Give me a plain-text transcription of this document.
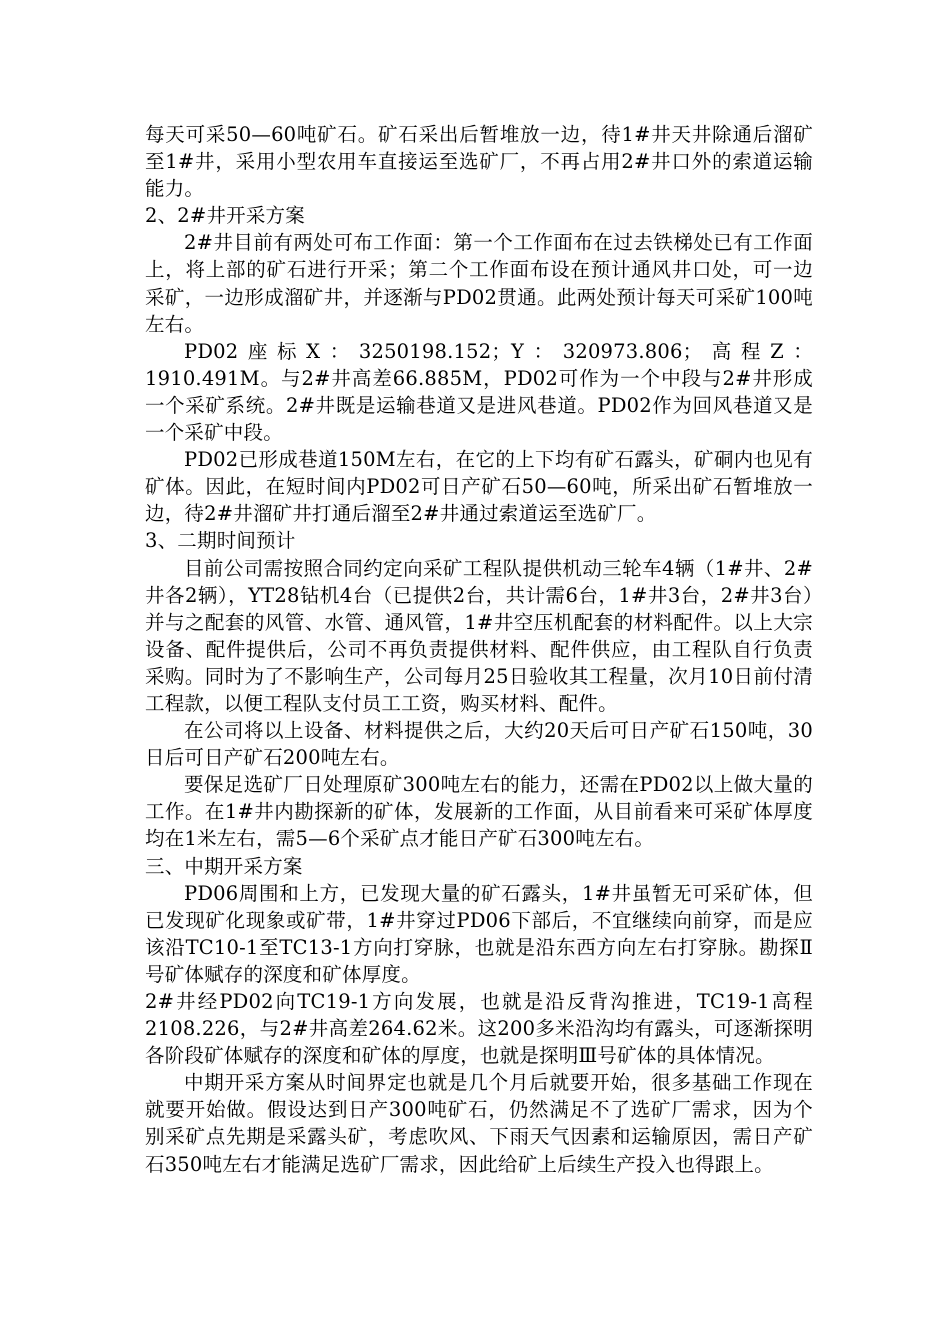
每天可采50—60吨矿石。矿石采出后暂堆放一边，待1#井天井除通后溜矿至1#井，采用小型农用车直接运至选矿厂，不再占用2#井口外的索道运输能力。

2、2#井开采方案

2#井目前有两处可布工作面：第一个工作面布在过去铁梯处已有工作面上，将上部的矿石进行开采；第二个工作面布设在预计通风井口处，可一边采矿，一边形成溜矿井，并逐渐与PD02贯通。此两处预计每天可采矿100吨左右。

PD02座标X：3250198.152；Y：320973.806；高程Z：1910.491M。与2#井高差66.885M，PD02可作为一个中段与2#井形成一个采矿系统。2#井既是运输巷道又是进风巷道。PD02作为回风巷道又是一个采矿中段。

PD02已形成巷道150M左右，在它的上下均有矿石露头，矿硐内也见有矿体。因此，在短时间内PD02可日产矿石50—60吨，所采出矿石暂堆放一边，待2#井溜矿井打通后溜至2#井通过索道运至选矿厂。

3、二期时间预计

目前公司需按照合同约定向采矿工程队提供机动三轮车4辆（1#井、2#井各2辆），YT28钻机4台（已提供2台，共计需6台，1#井3台，2#井3台）并与之配套的风管、水管、通风管，1#井空压机配套的材料配件。以上大宗设备、配件提供后，公司不再负责提供材料、配件供应，由工程队自行负责采购。同时为了不影响生产，公司每月25日验收其工程量，次月10日前付清工程款，以便工程队支付员工工资，购买材料、配件。

在公司将以上设备、材料提供之后，大约20天后可日产矿石150吨，30日后可日产矿石200吨左右。

要保足选矿厂日处理原矿300吨左右的能力，还需在PD02以上做大量的工作。在1#井内勘探新的矿体，发展新的工作面，从目前看来可采矿体厚度均在1米左右，需5—6个采矿点才能日产矿石300吨左右。

三、中期开采方案

PD06周围和上方，已发现大量的矿石露头，1#井虽暂无可采矿体，但已发现矿化现象或矿带，1#井穿过PD06下部后，不宜继续向前穿，而是应该沿TC10-1至TC13-1方向打穿脉，也就是沿东西方向左右打穿脉。勘探Ⅱ号矿体赋存的深度和矿体厚度。

2#井经PD02向TC19-1方向发展，也就是沿反背沟推进，TC19-1高程2108.226，与2#井高差264.62米。这200多米沿沟均有露头，可逐渐探明各阶段矿体赋存的深度和矿体的厚度，也就是探明Ⅲ号矿体的具体情况。

中期开采方案从时间界定也就是几个月后就要开始，很多基础工作现在就要开始做。假设达到日产300吨矿石，仍然满足不了选矿厂需求，因为个别采矿点先期是采露头矿，考虑吹风、下雨天气因素和运输原因，需日产矿石350吨左右才能满足选矿厂需求，因此给矿上后续生产投入也得跟上。
